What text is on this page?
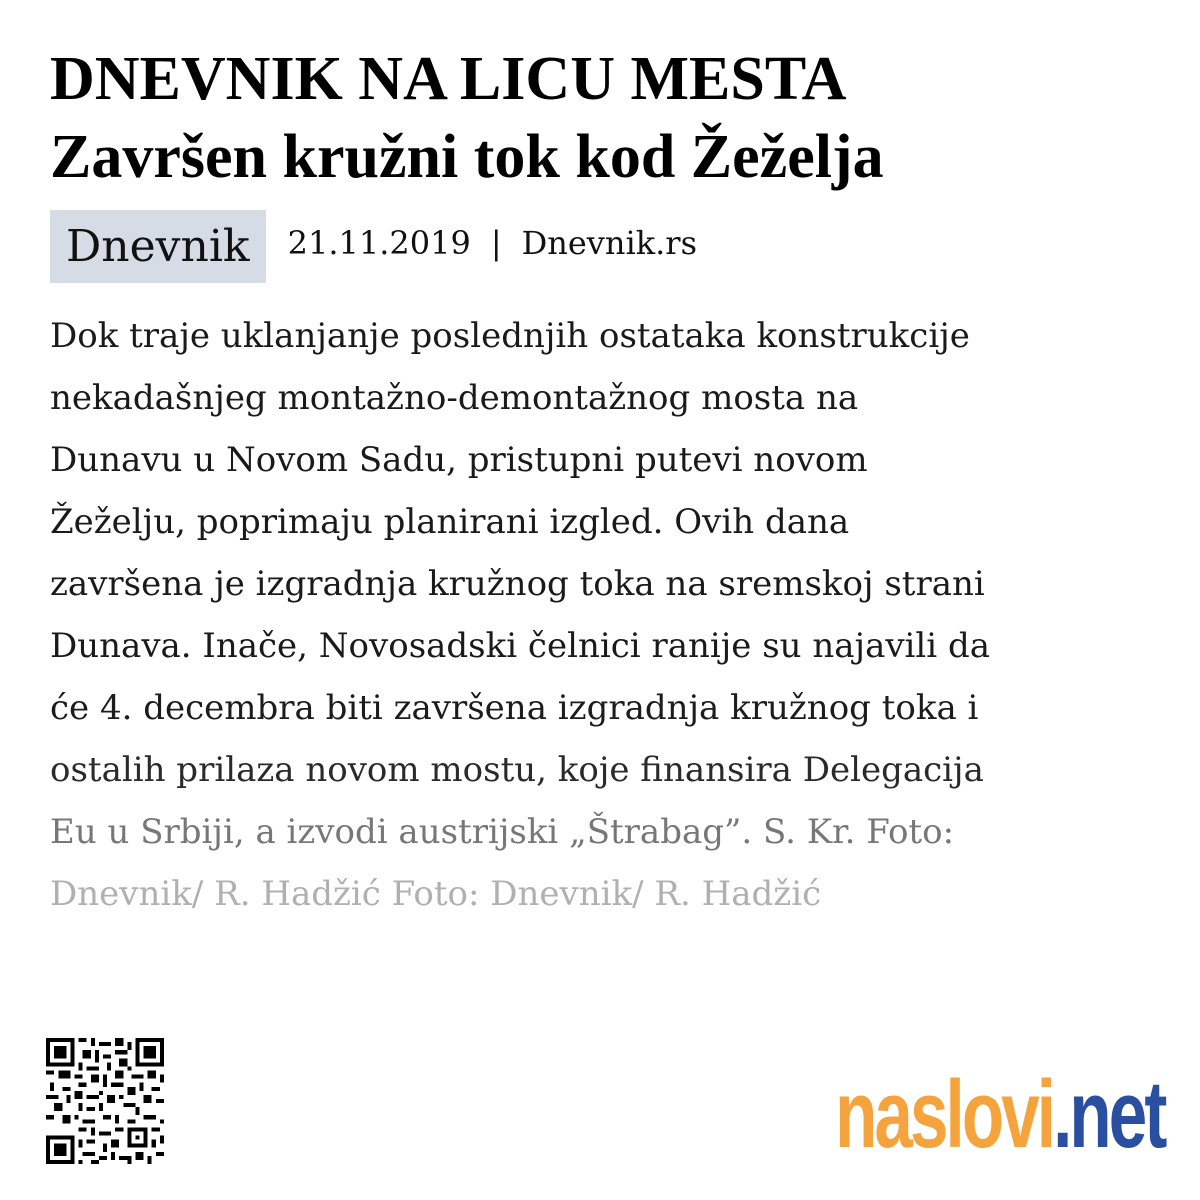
DNEVNIK NA LICU MESTA
Završen kružni tok kod Žeželja
Dnevnik	21.11.2019 | Dnevnik.rs
Dok traje uklanjanje poslednjih ostataka konstrukcije
nekadašnjeg montažno-demontažnog mosta na
Dunavu u Novom Sadu, pristupni putevi novom
Žeželju, poprimaju planirani izgled. Ovih dana
završena je izgradnja kružnog toka na sremskoj strani
Dunava. Inače, Novosadski čelnici ranije su najavili da
će 4. decembra biti završena izgradnja kružnog toka i
ostalih prilaza novom mostu, koje finansira Delegacija
Eu u Srbiji, a izvodi austrijski „Štrabag”. S. Kr. Foto:
Dnevnik/ R. Hadžić Foto: Dnevnik/ R. Hadžić
naslovi.net
